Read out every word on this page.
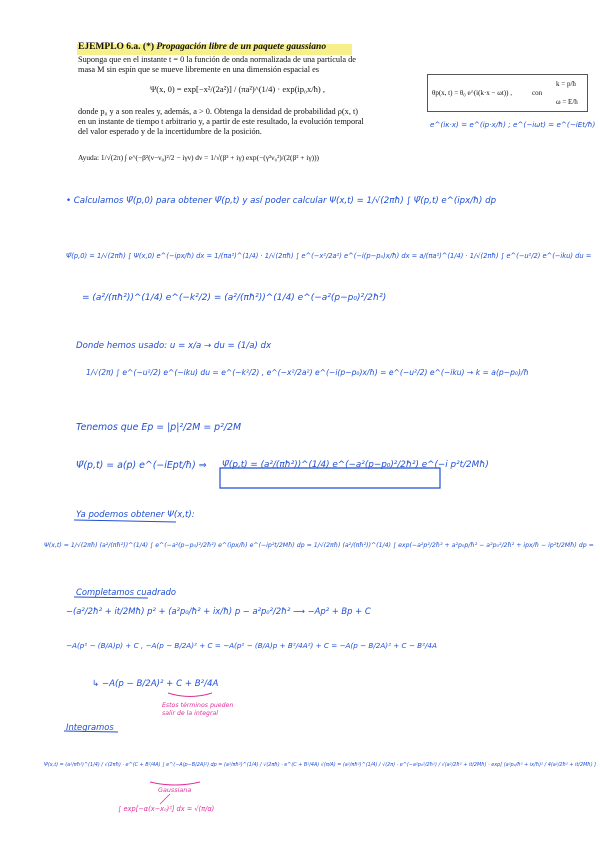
EJEMPLO 6.a. (*) Propagación libre de un paquete gaussiano
Suponga que en el instante t = 0 la función de onda normalizada de una partícula de
masa M sin espín que se mueve libremente en una dimensión espacial es
Ψ(x, 0) = exp[−x²/(2a²)] / (πa²)^(1/4) · exp(ip₀x/ħ) ,
donde p₀ y a son reales y, además, a > 0. Obtenga la densidad de probabilidad ρ(x, t)
en un instante de tiempo t arbitrario y, a partir de este resultado, la evolución temporal
del valor esperado y de la incertidumbre de la posición.
Ayuda: 1/√(2π) ∫ e^(−β²(ν−ν₀)²/2 − iγν) dν = 1/√(β² + iγ) exp(−(γ²ν₀²)/(2(β² + iγ)))
θp(x, t) = θ₀ e^(i(k·x − ωt)) ,	con
k = p/ħ
ω = E/ħ
e^(iκ·x) = e^(ip·x/ħ) ; e^(−iωt) = e^(−iEt/ħ)
• Calculamos Ψ̃(p,0) para obtener Ψ̃(p,t) y así poder calcular Ψ(x,t) = 1/√(2πħ) ∫ Ψ̃(p,t) e^(ipx/ħ) dp
Ψ̃(p,0) = 1/√(2πħ) ∫ Ψ(x,0) e^(−ipx/ħ) dx = 1/(πa²)^(1/4) · 1/√(2πħ) ∫ e^(−x²/2a²) e^(−i(p−p₀)x/ħ) dx = a/(πa²)^(1/4) · 1/√(2πħ) ∫ e^(−u²/2) e^(−iku) du =
= (a²/(πħ²))^(1/4) e^(−k²/2) = (a²/(πħ²))^(1/4) e^(−a²(p−p₀)²/2ħ²)
Donde hemos usado: u = x/a → du = (1/a) dx
1/√(2π) ∫ e^(−u²/2) e^(−iku) du = e^(−k²/2) , e^(−x²/2a²) e^(−i(p−p₀)x/ħ) = e^(−u²/2) e^(−iku) → k = a(p−p₀)/ħ
Tenemos que Ep = |p|²/2M = p²/2M
Ψ̃(p,t) = a(p) e^(−iEpt/ħ) ⇒ Ψ̃(p,t) = (a²/(πħ²))^(1/4) e^(−a²(p−p₀)²/2ħ²) e^(−i p²t/2Mħ)
Ya podemos obtener Ψ(x,t):
Ψ(x,t) = 1/√(2πħ) (a²/(πħ²))^(1/4) ∫ e^(−a²(p−p₀)²/2ħ²) e^(ipx/ħ) e^(−ip²t/2Mħ) dp = 1/√(2πħ) (a²/(πħ²))^(1/4) ∫ exp(−a²p²/2ħ² + a²p₀p/ħ² − a²p₀²/2ħ² + ipx/ħ − ip²t/2Mħ) dp =
Completamos cuadrado
−(a²/2ħ² + it/2Mħ) p² + (a²p₀/ħ² + ix/ħ) p − a²p₀²/2ħ² ⟶ −Ap² + Bp + C
−A(p² − (B/A)p) + C , −A(p − B/2A)² + C = −A(p² − (B/A)p + B²/4A²) + C = −A(p − B/2A)² + C − B²/4A
↳ −A(p − B/2A)² + C + B²/4A
Estos términos pueden
salir de la integral
Integramos
Ψ(x,t) = (a²/πħ²)^(1/4) / √(2πħ) · e^(C + B²/4A) ∫ e^(−A(p−B/2A)²) dp = (a²/πħ²)^(1/4) / √(2πħ) · e^(C + B²/4A) √(π/A) = (a²/πħ²)^(1/4) / √(2π) · e^(−a²p₀²/2ħ²) / √(a²/2ħ² + it/2Mħ) · exp[ (a²p₀/ħ² + ix/ħ)² / 4(a²/2ħ² + it/2Mħ) ]
Gaussiana
∫ exp[−α(x−x₀)²] dx = √(π/α)
